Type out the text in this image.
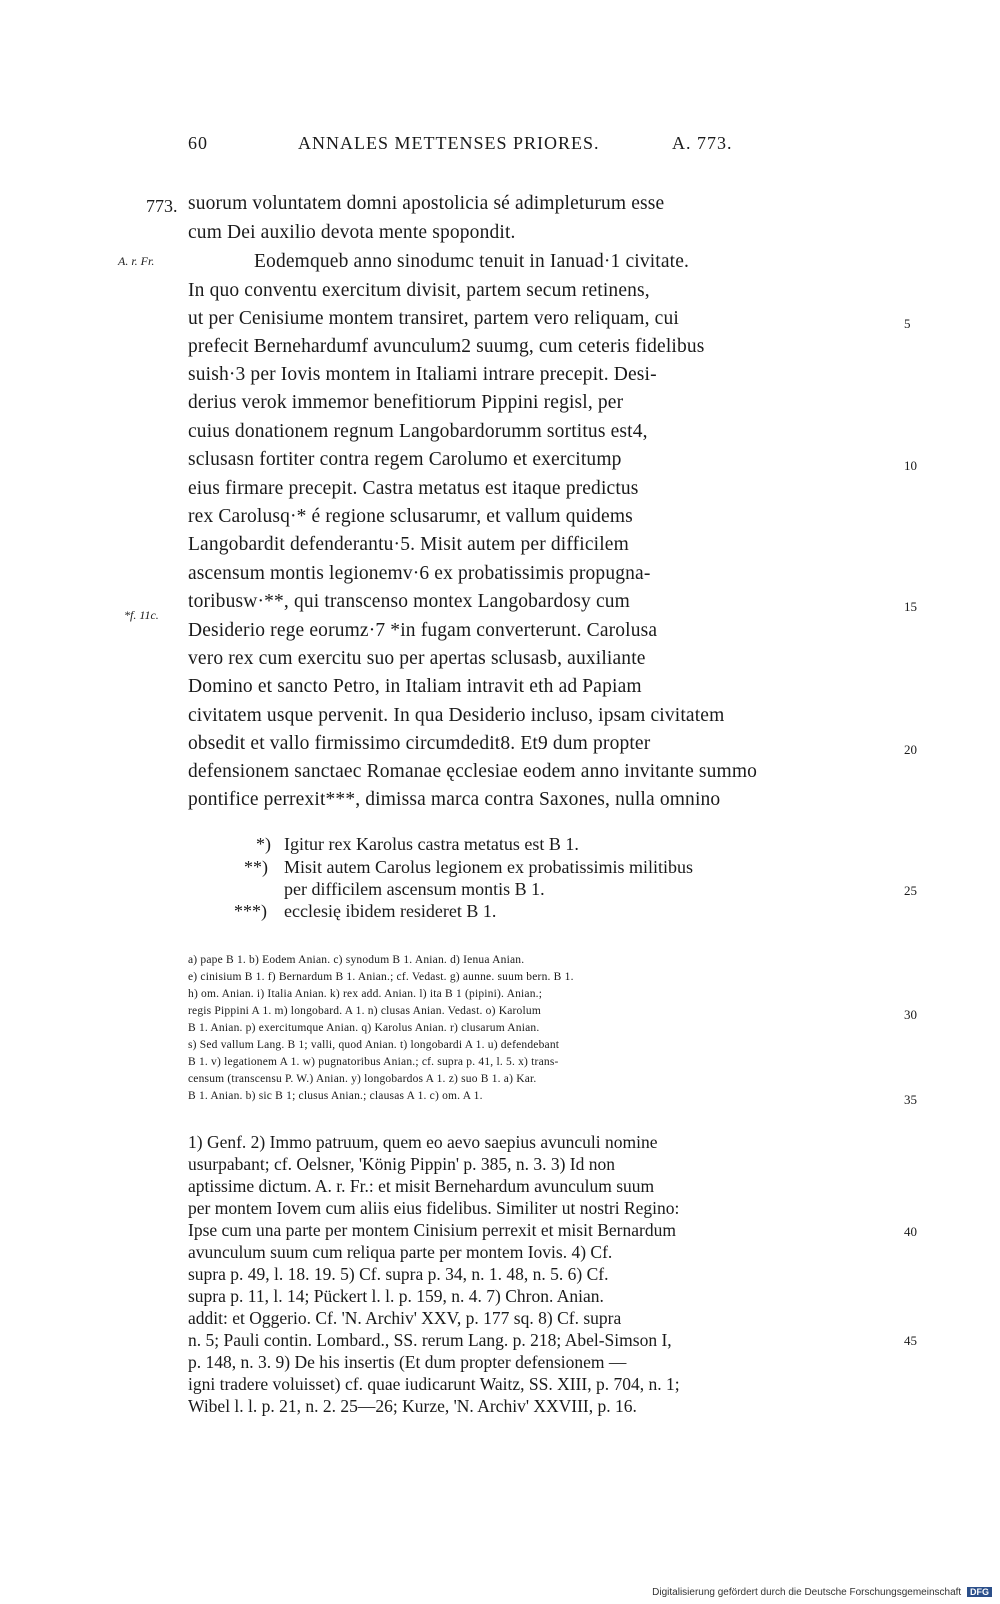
60	ANNALES METTENSES PRIORES.	A. 773.
773.
A. r. Fr.
*f. 11c.
suorum voluntatem domni apostolicia sé adimpleturum esse
cum Dei auxilio devota mente spopondit.
Eodemqueb anno sinodumc tenuit in Ianuad·1 civitate.
In quo conventu exercitum divisit, partem secum retinens,
ut per Cenisiume montem transiret, partem vero reliquam, cui
prefecit Bernehardumf avunculum2 suumg, cum ceteris fidelibus
suish·3 per Iovis montem in Italiami intrare precepit. Desi-
derius verok immemor benefitiorum Pippini regisl, per
cuius donationem regnum Langobardorumm sortitus est4,
sclusasn fortiter contra regem Carolumo et exercitump
eius firmare precepit. Castra metatus est itaque predictus
rex Carolusq·* é regione sclusarumr, et vallum quidems
Langobardit defenderantu·5. Misit autem per difficilem
ascensum montis legionemv·6 ex probatissimis propugna-
toribusw·**, qui transcenso montex Langobardosy cum
Desiderio rege eorumz·7 *in fugam converterunt. Carolusa
vero rex cum exercitu suo per apertas sclusasb, auxiliante
Domino et sancto Petro, in Italiam intravit eth ad Papiam
civitatem usque pervenit. In qua Desiderio incluso, ipsam civitatem
obsedit et vallo firmissimo circumdedit8. Et9 dum propter
defensionem sanctaec Romanae ęcclesiae eodem anno invitante summo
pontifice perrexit***, dimissa marca contra Saxones, nulla omnino
5
10
15
20
*) Igitur rex Karolus castra metatus est B 1.
**) Misit autem Carolus legionem ex probatissimis militibus
per difficilem ascensum montis B 1.
***) ecclesię ibidem resideret B 1.
25
a) pape B 1. b) Eodem Anian. c) synodum B 1. Anian. d) Ienua Anian.
e) cinisium B 1. f) Bernardum B 1. Anian.; cf. Vedast. g) aunne. suum bern. B 1.
h) om. Anian. i) Italia Anian. k) rex add. Anian. l) ita B 1 (pipini). Anian.;
regis Pippini A 1. m) longobard. A 1. n) clusas Anian. Vedast. o) Karolum
B 1. Anian. p) exercitumque Anian. q) Karolus Anian. r) clusarum Anian.
s) Sed vallum Lang. B 1; valli, quod Anian. t) longobardi A 1. u) defendebant
B 1. v) legationem A 1. w) pugnatoribus Anian.; cf. supra p. 41, l. 5. x) trans-
censum (transcensu P. W.) Anian. y) longobardos A 1. z) suo B 1. a) Kar.
B 1. Anian. b) sic B 1; clusus Anian.; clausas A 1. c) om. A 1.
30
35
1) Genf. 2) Immo patruum, quem eo aevo saepius avunculi nomine
usurpabant; cf. Oelsner, 'König Pippin' p. 385, n. 3. 3) Id non
aptissime dictum. A. r. Fr.: et misit Bernehardum avunculum suum
per montem Iovem cum aliis eius fidelibus. Similiter ut nostri Regino:
Ipse cum una parte per montem Cinisium perrexit et misit Bernardum
avunculum suum cum reliqua parte per montem Iovis. 4) Cf.
supra p. 49, l. 18. 19. 5) Cf. supra p. 34, n. 1. 48, n. 5. 6) Cf.
supra p. 11, l. 14; Pückert l. l. p. 159, n. 4. 7) Chron. Anian.
addit: et Oggerio. Cf. 'N. Archiv' XXV, p. 177 sq. 8) Cf. supra
n. 5; Pauli contin. Lombard., SS. rerum Lang. p. 218; Abel-Simson I,
p. 148, n. 3. 9) De his insertis (Et dum propter defensionem —
igni tradere voluisset) cf. quae iudicarunt Waitz, SS. XIII, p. 704, n. 1;
Wibel l. l. p. 21, n. 2. 25—26; Kurze, 'N. Archiv' XXVIII, p. 16.
40
45
Digitalisierung gefördert durch die Deutsche Forschungsgemeinschaft DFG
